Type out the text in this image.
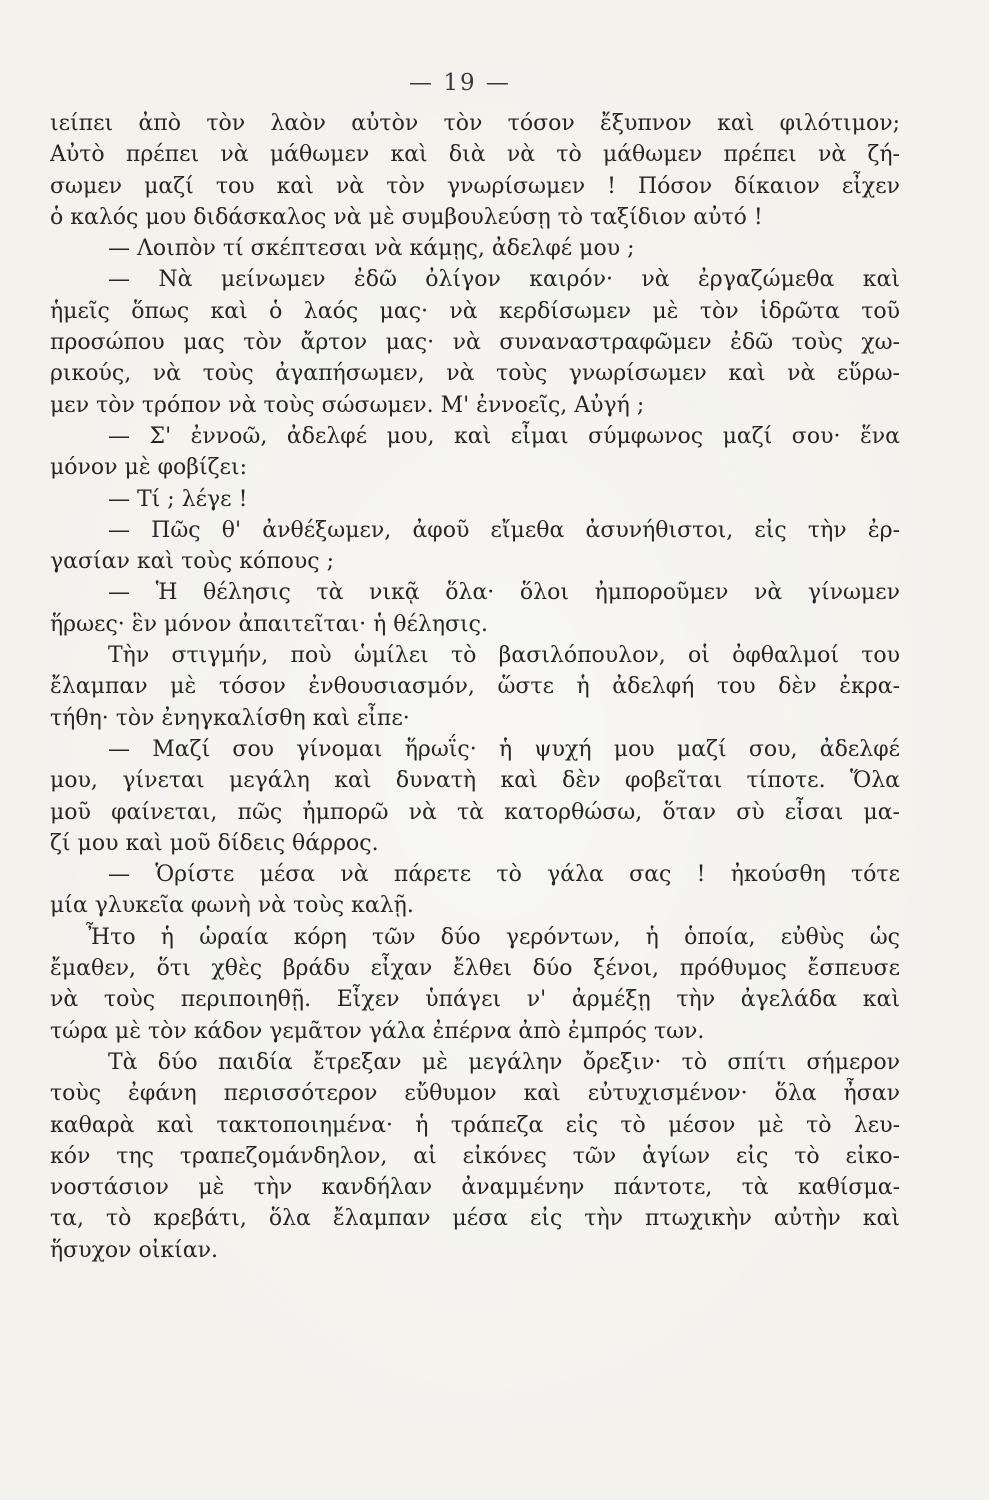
— 19 —
ιείπει ἀπὸ τὸν λαὸν αὐτὸν τὸν τόσον ἔξυπνον καὶ φιλότιμον;
Αὐτὸ πρέπει νὰ μάθωμεν καὶ διὰ νὰ τὸ μάθωμεν πρέπει νὰ ζή-
σωμεν μαζί του καὶ νὰ τὸν γνωρίσωμεν ! Πόσον δίκαιον εἶχεν
ὁ καλός μου διδάσκαλος νὰ μὲ συμβουλεύσῃ τὸ ταξίδιον αὐτό !
— Λοιπὸν τί σκέπτεσαι νὰ κάμῃς, ἀδελφέ μου ;
— Νὰ μείνωμεν ἐδῶ ὀλίγον καιρόν· νὰ ἐργαζώμεθα καὶ
ἡμεῖς ὅπως καὶ ὁ λαός μας· νὰ κερδίσωμεν μὲ τὸν ἱδρῶτα τοῦ
προσώπου μας τὸν ἄρτον μας· νὰ συναναστραφῶμεν ἐδῶ τοὺς χω-
ρικούς, νὰ τοὺς ἀγαπήσωμεν, νὰ τοὺς γνωρίσωμεν καὶ νὰ εὕρω-
μεν τὸν τρόπον νὰ τοὺς σώσωμεν. Μ' ἐννοεῖς, Αὐγή ;
— Σ' ἐννοῶ, ἀδελφέ μου, καὶ εἶμαι σύμφωνος μαζί σου· ἕνα
μόνον μὲ φοβίζει:
— Τί ; λέγε !
— Πῶς θ' ἀνθέξωμεν, ἀφοῦ εἴμεθα ἀσυνήθιστοι, εἰς τὴν ἐρ-
γασίαν καὶ τοὺς κόπους ;
— Ἡ θέλησις τὰ νικᾷ ὅλα· ὅλοι ἠμποροῦμεν νὰ γίνωμεν
ἥρωες· ἓν μόνον ἀπαιτεῖται· ἡ θέλησις.
Τὴν στιγμήν, ποὺ ὡμίλει τὸ βασιλόπουλον, οἱ ὀφθαλμοί του
ἔλαμπαν μὲ τόσον ἐνθουσιασμόν, ὥστε ἡ ἀδελφή του δὲν ἐκρα-
τήθη· τὸν ἐνηγκαλίσθη καὶ εἶπε·
— Μαζί σου γίνομαι ἥρωΐς· ἡ ψυχή μου μαζί σου, ἀδελφέ
μου, γίνεται μεγάλη καὶ δυνατὴ καὶ δὲν φοβεῖται τίποτε. Ὅλα
μοῦ φαίνεται, πῶς ἠμπορῶ νὰ τὰ κατορθώσω, ὅταν σὺ εἶσαι μα-
ζί μου καὶ μοῦ δίδεις θάρρος.
— Ὁρίστε μέσα νὰ πάρετε τὸ γάλα σας ! ἠκούσθη τότε
μία γλυκεῖα φωνὴ νὰ τοὺς καλῇ.
Ἦτο ἡ ὡραία κόρη τῶν δύο γερόντων, ἡ ὁποία, εὐθὺς ὡς
ἔμαθεν, ὅτι χθὲς βράδυ εἶχαν ἔλθει δύο ξένοι, πρόθυμος ἔσπευσε
νὰ τοὺς περιποιηθῇ. Εἶχεν ὑπάγει ν' ἀρμέξῃ τὴν ἀγελάδα καὶ
τώρα μὲ τὸν κάδον γεμᾶτον γάλα ἐπέρνα ἀπὸ ἐμπρός των.
Τὰ δύο παιδία ἔτρεξαν μὲ μεγάλην ὄρεξιν· τὸ σπίτι σήμερον
τοὺς ἐφάνη περισσότερον εὔθυμον καὶ εὐτυχισμένον· ὅλα ἦσαν
καθαρὰ καὶ τακτοποιημένα· ἡ τράπεζα εἰς τὸ μέσον μὲ τὸ λευ-
κόν της τραπεζομάνδηλον, αἱ εἰκόνες τῶν ἁγίων εἰς τὸ εἰκο-
νοστάσιον μὲ τὴν κανδήλαν ἀναμμένην πάντοτε, τὰ καθίσμα-
τα, τὸ κρεβάτι, ὅλα ἔλαμπαν μέσα εἰς τὴν πτωχικὴν αὐτὴν καὶ
ἥσυχον οἰκίαν.
